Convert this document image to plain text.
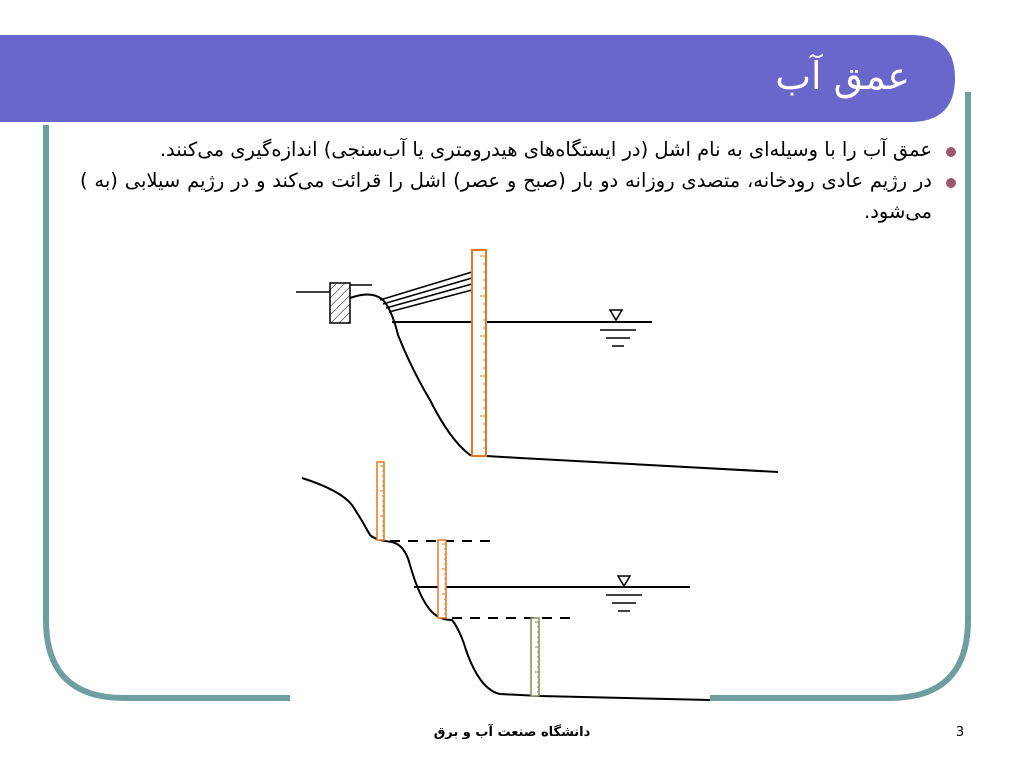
عمق آب
عمق آب را با وسیله‌ای به نام اشل (در ایستگاه‌های هیدرومتری یا آب‌سنجی) اندازه‌گیری می‌کنند.
در رژیم عادی رودخانه، متصدی روزانه دو بار (صبح و عصر) اشل را قرائت می‌کند و در رژیم سیلابی (به ) می‌شود.
دانشگاه صنعت آب و برق	3
